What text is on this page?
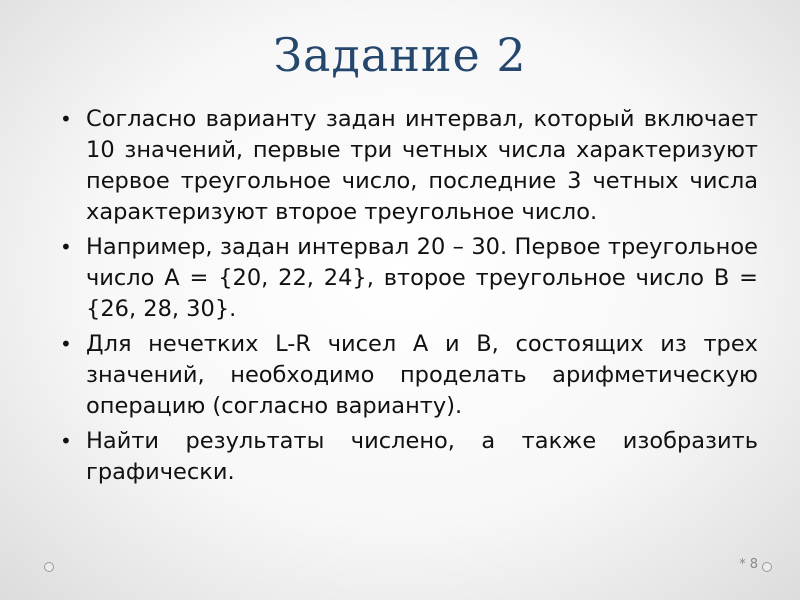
Задание 2
• Согласно варианту задан интервал, который включает 10 значений, первые три четных числа характеризуют первое треугольное число, последние 3 четных числа характеризуют второе треугольное число.
• Например, задан интервал 20 – 30. Первое треугольное число А = {20, 22, 24}, второе треугольное число В = {26, 28, 30}.
• Для нечетких L-R чисел А и В, состоящих из трех значений, необходимо проделать арифметическую операцию (согласно варианту).
• Найти результаты числено, а также изобразить графически.
* 8
